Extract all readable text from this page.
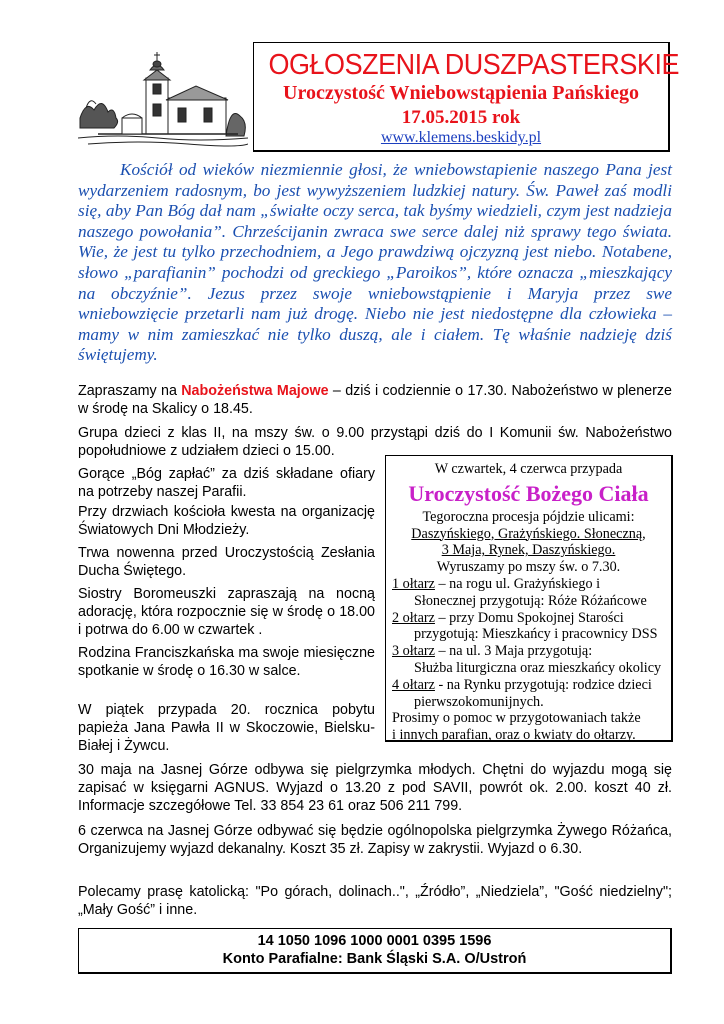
OGŁOSZENIA DUSZPASTERSKIE
Uroczystość Wniebowstąpienia Pańskiego
17.05.2015 rok
www.klemens.beskidy.pl

Kościół od wieków niezmiennie głosi, że wniebowstapienie naszego Pana jest wydarzeniem radosnym, bo jest wywyższeniem ludzkiej natury. Św. Paweł zaś modli się, aby Pan Bóg dał nam „świałte oczy serca, tak byśmy wiedzieli, czym jest nadzieja naszego powołania”. Chrześcijanin zwraca swe serce dalej niż sprawy tego świata. Wie, że jest tu tylko przechodniem, a Jego prawdziwą ojczyzną jest niebo. Notabene, słowo „parafianin” pochodzi od greckiego „Paroikos”, które oznacza „mieszkający na obczyźnie”. Jezus przez swoje wniebowstąpienie i Maryja przez swe wniebowzięcie przetarli nam już drogę. Niebo nie jest niedostępne dla człowieka – mamy w nim zamieszkać nie tylko duszą, ale i ciałem. Tę właśnie nadzieję dziś świętujemy.

Zapraszamy na Nabożeństwa Majowe – dziś i codziennie o 17.30. Nabożeństwo w plenerze w środę na Skalicy o 18.45.

Grupa dzieci z klas II, na mszy św. o 9.00 przystąpi dziś do I Komunii św. Nabożeństwo popołudniowe z udziałem dzieci o 15.00.

Gorące „Bóg zapłać” za dziś składane ofiary na potrzeby naszej Parafii.

Przy drzwiach kościoła kwesta na organizację Światowych Dni Młodzieży.

Trwa nowenna przed Uroczystością Zesłania Ducha Świętego.

Siostry Boromeuszki zapraszają na nocną adorację, która rozpocznie się w środę o 18.00 i potrwa do 6.00 w czwartek .

Rodzina Franciszkańska ma swoje miesięczne spotkanie w środę o 16.30 w salce.

W piątek przypada 20. rocznica pobytu papieża Jana Pawła II w Skoczowie, Bielsku-Białej i Żywcu.

W czwartek, 4 czerwca przypada
Uroczystość Bożego Ciała
Tegoroczna procesja pójdzie ulicami:
Daszyńskiego, Grażyńskiego. Słoneczną,
3 Maja, Rynek, Daszyńskiego.
Wyruszamy po mszy św. o 7.30.
1 ołtarz – na rogu ul. Grażyńskiego i
Słonecznej przygotują: Róże Różańcowe
2 ołtarz – przy Domu Spokojnej Starości
przygotują: Mieszkańcy i pracownicy DSS
3 ołtarz – na ul. 3 Maja przygotują:
Służba liturgiczna oraz mieszkańcy okolicy
4 ołtarz - na Rynku przygotują: rodzice dzieci
pierwszokomunijnych.
Prosimy o pomoc w przygotowaniach także
i innych parafian, oraz o kwiaty do ołtarzy.

30 maja na Jasnej Górze odbywa się pielgrzymka młodych. Chętni do wyjazdu mogą się zapisać w księgarni AGNUS. Wyjazd o 13.20 z pod SAVII, powrót ok. 2.00. koszt 40 zł. Informacje szczegółowe Tel. 33 854 23 61 oraz 506 211 799.

6 czerwca na Jasnej Górze odbywać się będzie ogólnopolska pielgrzymka Żywego Różańca, Organizujemy wyjazd dekanalny. Koszt 35 zł. Zapisy w zakrystii. Wyjazd o 6.30.

Polecamy prasę katolicką: "Po górach, dolinach..", „Źródło”, „Niedziela”, "Gość niedzielny"; „Mały Gość” i inne.

14 1050 1096 1000 0001 0395 1596
Konto Parafialne: Bank Śląski S.A. O/Ustroń
